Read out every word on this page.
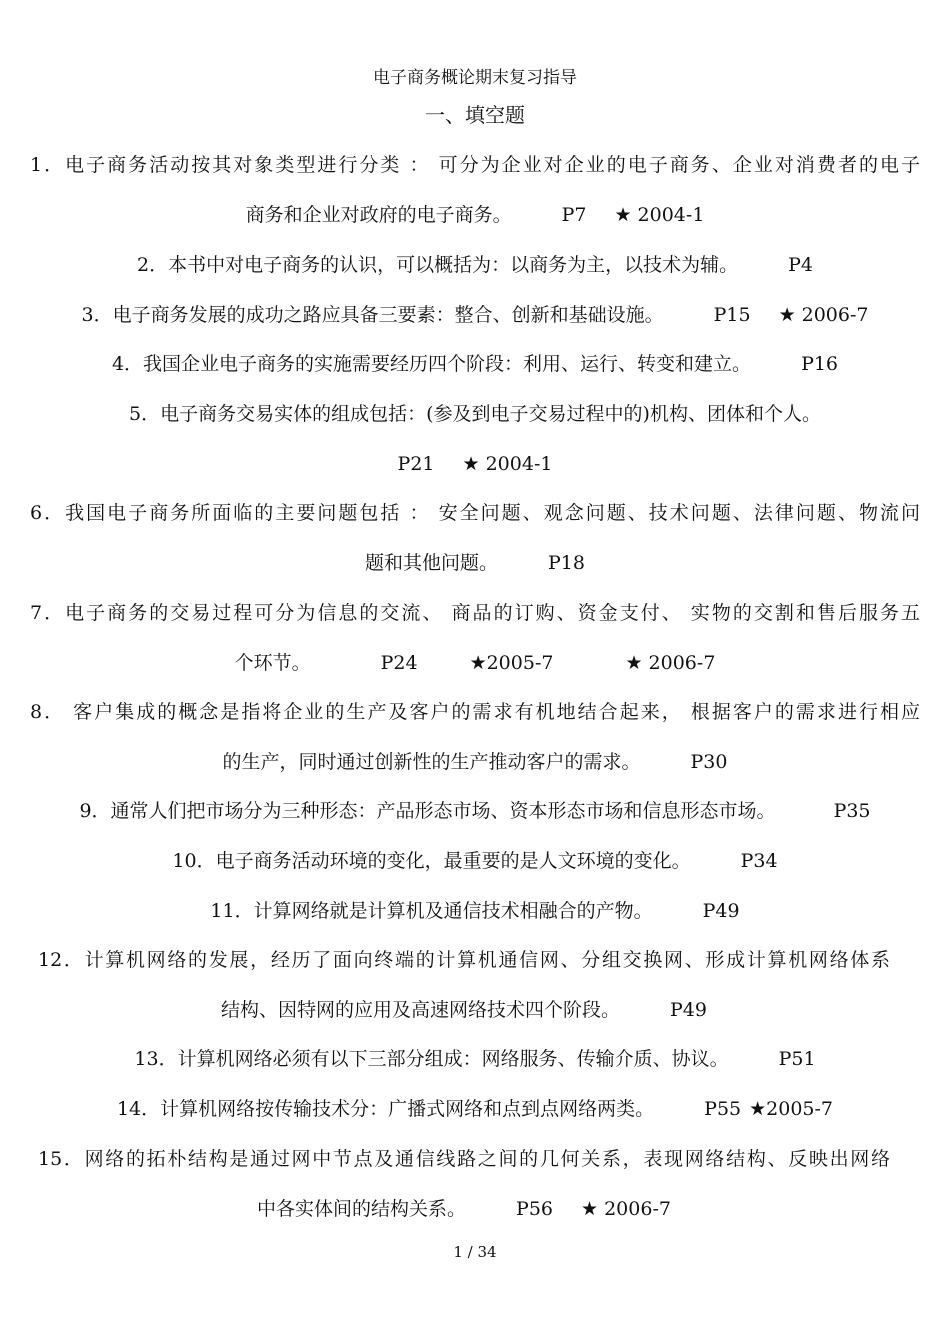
电子商务概论期末复习指导
一、填空题
1．电子商务活动按其对象类型进行分类 ： 可分为企业对企业的电子商务、企业对消费者的电子
商务和企业对政府的电子商务。	P7 ★ 2004-1
2．本书中对电子商务的认识，可以概括为：以商务为主，以技术为辅。	P4
3．电子商务发展的成功之路应具备三要素：整合、创新和基础设施。	P15 ★ 2006-7
4．我国企业电子商务的实施需要经历四个阶段：利用、运行、转变和建立。	P16
5．电子商务交易实体的组成包括：(参及到电子交易过程中的)机构、团体和个人。
P21 ★ 2004-1
6．我国电子商务所面临的主要问题包括 ： 安全问题、观念问题、技术问题、法律问题、物流问
题和其他问题。	P18
7．电子商务的交易过程可分为信息的交流、 商品的订购、资金支付、 实物的交割和售后服务五
个环节。	P24	★2005-7	★ 2006-7
8． 客户集成的概念是指将企业的生产及客户的需求有机地结合起来， 根据客户的需求进行相应
的生产，同时通过创新性的生产推动客户的需求。	P30
9．通常人们把市场分为三种形态：产品形态市场、资本形态市场和信息形态市场。	P35
10．电子商务活动环境的变化，最重要的是人文环境的变化。	P34
11．计算网络就是计算机及通信技术相融合的产物。	P49
12．计算机网络的发展，经历了面向终端的计算机通信网、分组交换网、形成计算机网络体系
结构、因特网的应用及高速网络技术四个阶段。	P49
13．计算机网络必须有以下三部分组成：网络服务、传输介质、协议。	P51
14．计算机网络按传输技术分：广播式网络和点到点网络两类。	P55 ★2005-7
15．网络的拓朴结构是通过网中节点及通信线路之间的几何关系，表现网络结构、反映出网络
中各实体间的结构关系。	P56 ★ 2006-7
1 / 34
